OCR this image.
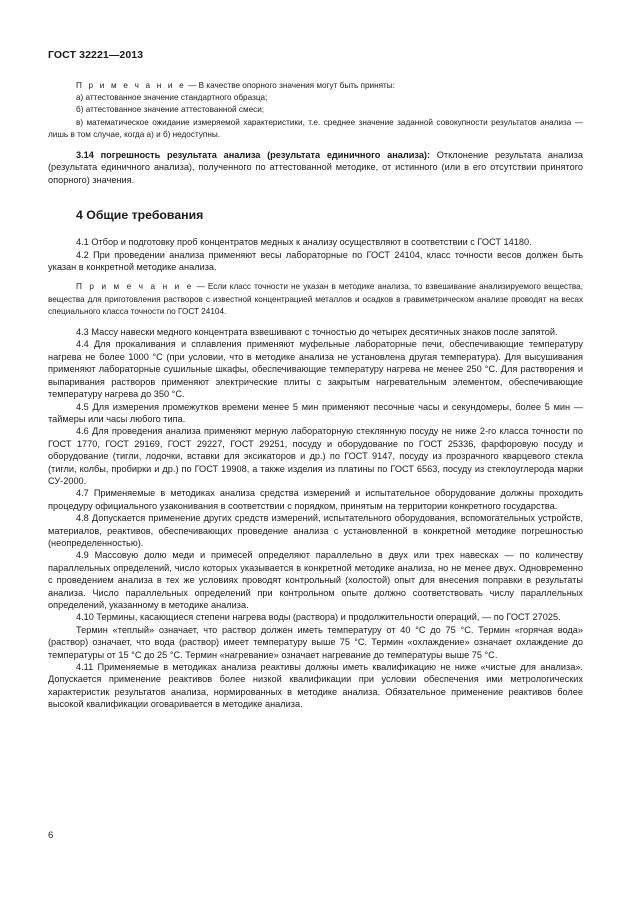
ГОСТ 32221—2013

П р и м е ч а н и е — В качестве опорного значения могут быть приняты:

а) аттестованное значение стандартного образца;

б) аттестованное значение аттестованной смеси;

в) математическое ожидание измеряемой характеристики, т.е. среднее значение заданной совокупности результатов анализа — лишь в том случае, когда а) и б) недоступны.

3.14 погрешность результата анализа (результата единичного анализа): Отклонение результата анализа (результата единичного анализа), полученного по аттестованной методике, от истинного (или в его отсутствии принятого опорного) значения.

4 Общие требования

4.1 Отбор и подготовку проб концентратов медных к анализу осуществляют в соответствии с ГОСТ 14180.

4.2 При проведении анализа применяют весы лабораторные по ГОСТ 24104, класс точности весов должен быть указан в конкретной методике анализа.

П р и м е ч а н и е — Если класс точности не указан в методике анализа, то взвешивание анализируемого вещества, вещества для приготовления растворов с известной концентрацией металлов и осадков в гравиметрическом анализе проводят на весах специального класса точности по ГОСТ 24104.

4.3 Массу навески медного концентрата взвешивают с точностью до четырех десятичных знаков после запятой.

4.4 Для прокаливания и сплавления применяют муфельные лабораторные печи, обеспечивающие температуру нагрева не более 1000 °С (при условии, что в методике анализа не установлена другая температура). Для высушивания применяют лабораторные сушильные шкафы, обеспечивающие температуру нагрева не менее 250 °С. Для растворения и выпаривания растворов применяют электрические плиты с закрытым нагревательным элементом, обеспечивающие температуру нагрева до 350 °С.

4.5 Для измерения промежутков времени менее 5 мин применяют песочные часы и секундомеры, более 5 мин — таймеры или часы любого типа.

4.6 Для проведения анализа применяют мерную лабораторную стеклянную посуду не ниже 2-го класса точности по ГОСТ 1770, ГОСТ 29169, ГОСТ 29227, ГОСТ 29251, посуду и оборудование по ГОСТ 25336, фарфоровую посуду и оборудование (тигли, лодочки, вставки для эксикаторов и др.) по ГОСТ 9147, посуду из прозрачного кварцевого стекла (тигли, колбы, пробирки и др.) по ГОСТ 19908, а также изделия из платины по ГОСТ 6563, посуду из стеклоуглерода марки СУ-2000.

4.7 Применяемые в методиках анализа средства измерений и испытательное оборудование должны проходить процедуру официального узаконивания в соответствии с порядком, принятым на территории конкретного государства.

4.8 Допускается применение других средств измерений, испытательного оборудования, вспомогательных устройств, материалов, реактивов, обеспечивающих проведение анализа с установленной в конкретной методике погрешностью (неопределенностью).

4.9 Массовую долю меди и примесей определяют параллельно в двух или трех навесках — по количеству параллельных определений, число которых указывается в конкретной методике анализа, но не менее двух. Одновременно с проведением анализа в тех же условиях проводят контрольный (холостой) опыт для внесения поправки в результаты анализа. Число параллельных определений при контрольном опыте должно соответствовать числу параллельных определений, указанному в методике анализа.

4.10 Термины, касающиеся степени нагрева воды (раствора) и продолжительности операций, — по ГОСТ 27025.

Термин «теплый» означает, что раствор должен иметь температуру от 40 °С до 75 °С. Термин «горячая вода» (раствор) означает, что вода (раствор) имеет температуру выше 75 °С. Термин «охлаждение» означает охлаждение до температуры от 15 °С до 25 °С. Термин «нагревание» означает нагревание до температуры выше 75 °С.

4.11 Применяемые в методиках анализа реактивы должны иметь квалификацию не ниже «чистые для анализа». Допускается применение реактивов более низкой квалификации при условии обеспечения ими метрологических характеристик результатов анализа, нормированных в методике анализа. Обязательное применение реактивов более высокой квалификации оговаривается в методике анализа.

6
